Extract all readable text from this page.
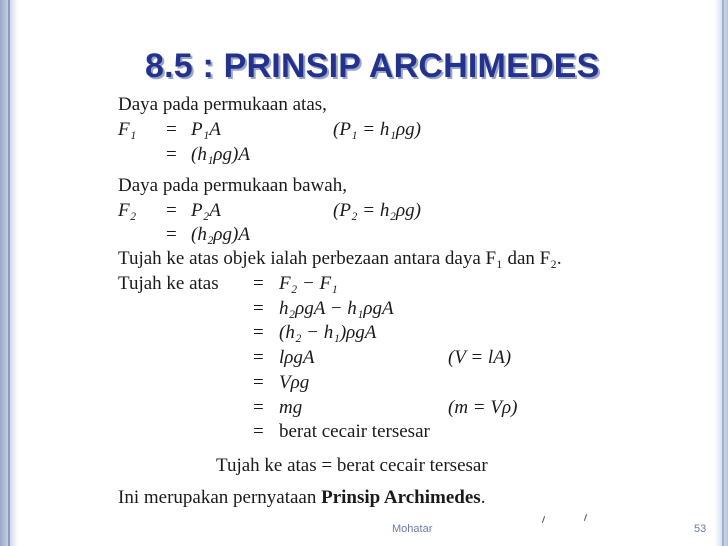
8.5 : PRINSIP ARCHIMEDES
Daya pada permukaan atas,
F₁ = P₁A	(P₁ = h₁ρg)
= (h₁ρg)A
Daya pada permukaan bawah,
F₂ = P₂A	(P₂ = h₂ρg)
= (h₂ρg)A
Tujah ke atas objek ialah perbezaan antara daya F₁ dan F₂.
Tujah ke atas = F₂ − F₁
= h₂ρgA − h₁ρgA
= (h₂ − h₁)ρgA
= lρgA	(V = lA)
= Vρg
= mg	(m = Vρ)
= berat cecair tersesar
Tujah ke atas = berat cecair tersesar
Ini merupakan pernyataan Prinsip Archimedes.
Mohatar	53
